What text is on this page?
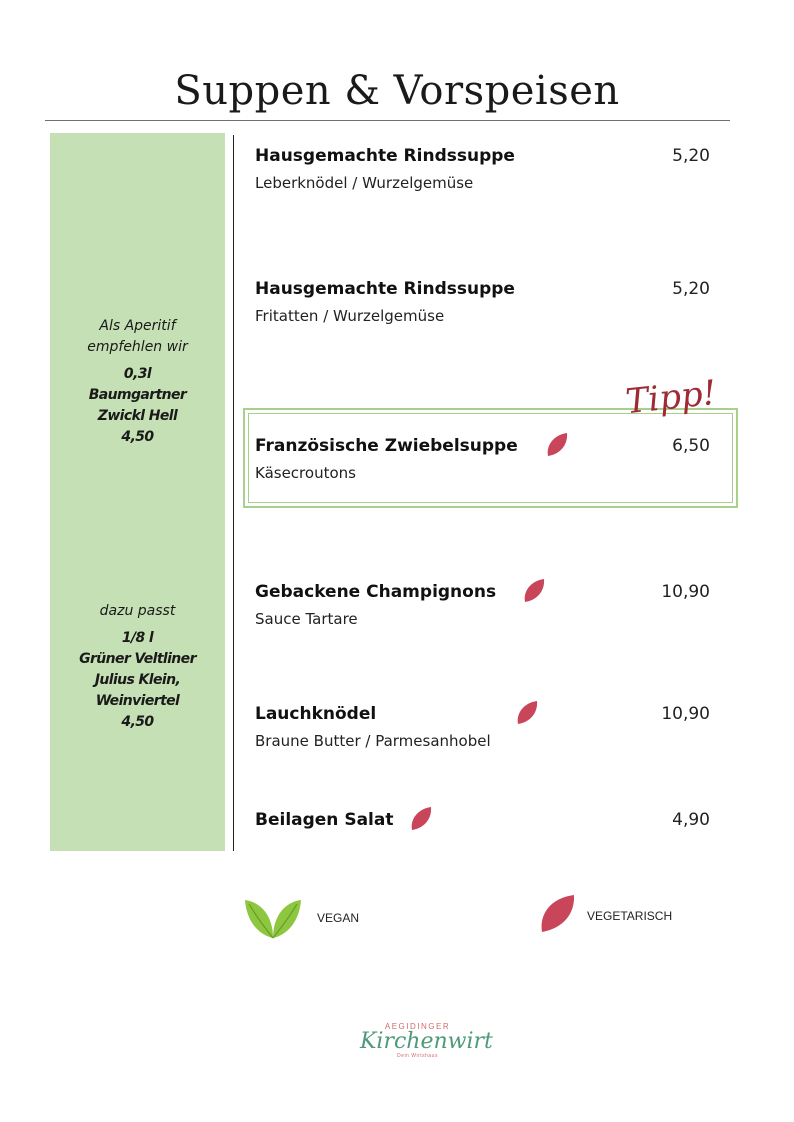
Suppen & Vorspeisen
Als Aperitif
empfehlen wir
0,3l
Baumgartner
Zwickl Hell
4,50
dazu passt
1/8 l
Grüner Veltliner
Julius Klein,
Weinviertel
4,50
Tipp!
Hausgemachte Rindssuppe	5,20
Leberknödel / Wurzelgemüse
Hausgemachte Rindssuppe	5,20
Fritatten / Wurzelgemüse
Französische Zwiebelsuppe	6,50
Käsecroutons
Gebackene Champignons	10,90
Sauce Tartare
Lauchknödel	10,90
Braune Butter / Parmesanhobel
Beilagen Salat	4,90
VEGAN	VEGETARISCH
AEGIDINGER
Kirchenwirt
Dein Wirtshaus
